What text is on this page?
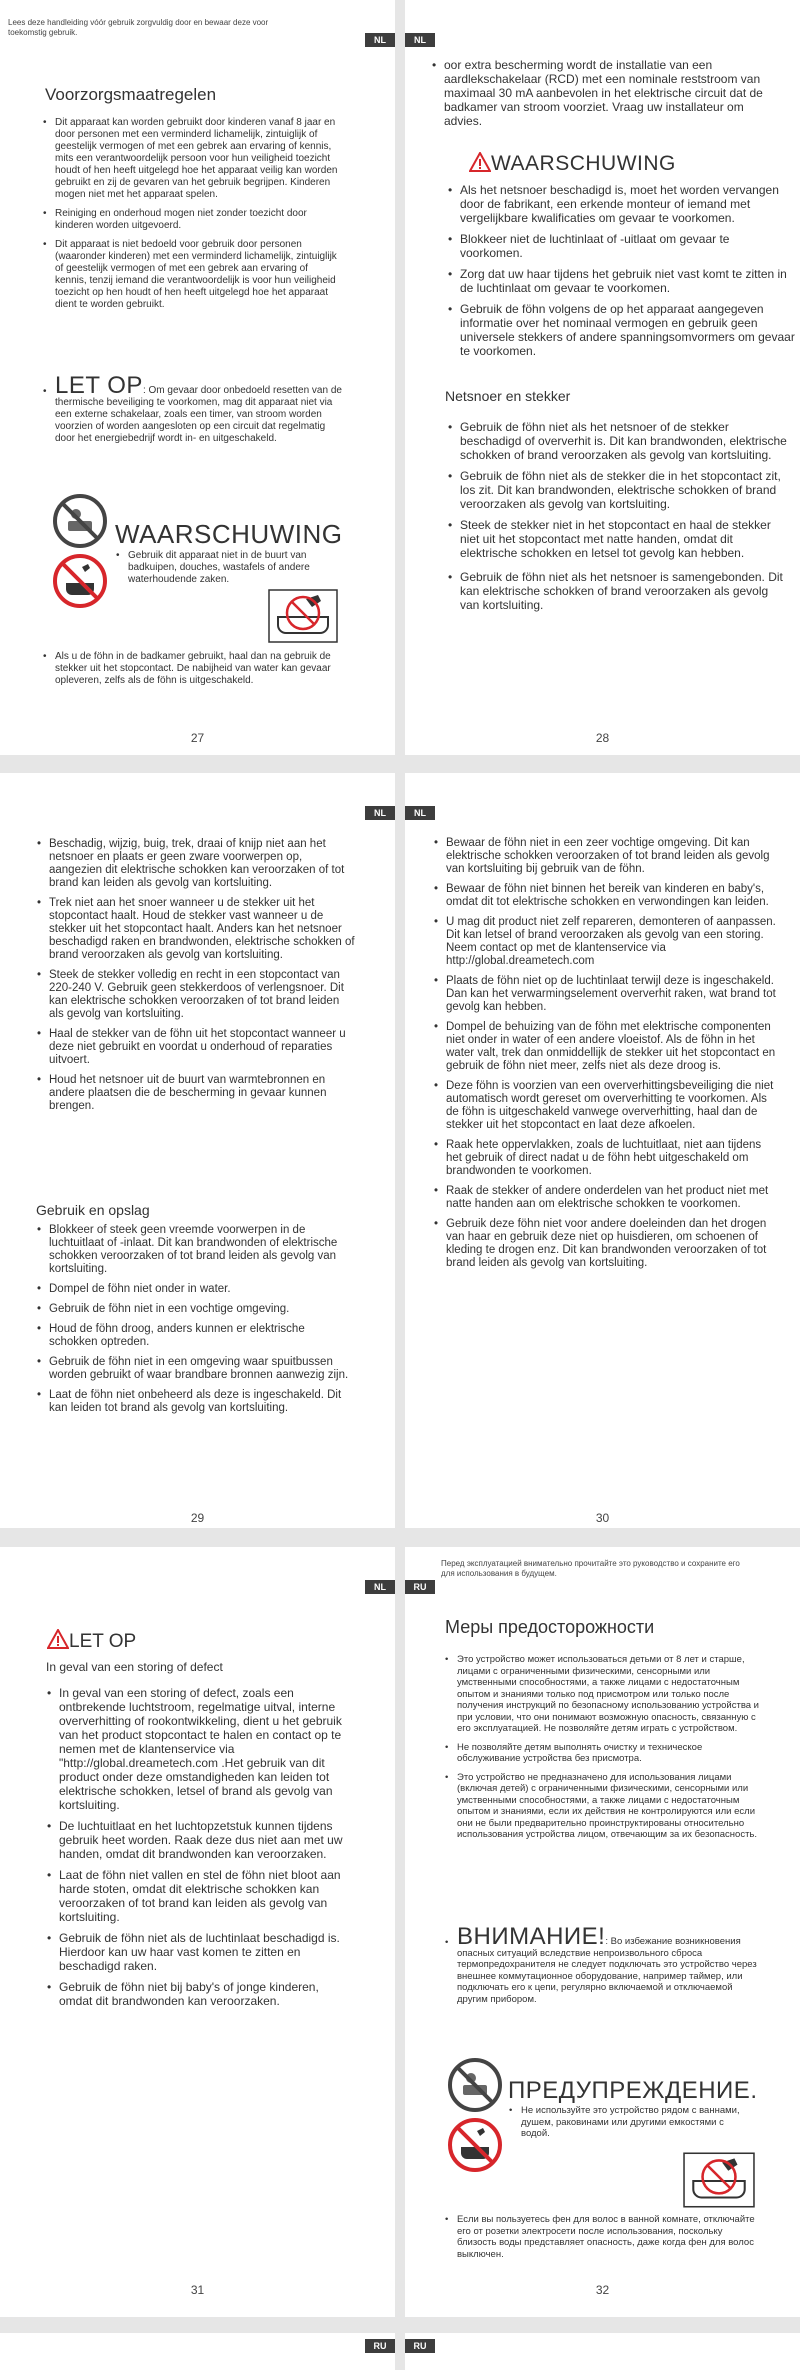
Lees deze handleiding vóór gebruik zorgvuldig door en bewaar deze voor toekomstig gebruik.
NL
Voorzorgsmaatregelen
• Dit apparaat kan worden gebruikt door kinderen vanaf 8 jaar en door personen met een verminderd lichamelijk, zintuiglijk of geestelijk vermogen of met een gebrek aan ervaring of kennis, mits een verantwoordelijk persoon voor hun veiligheid toezicht houdt of hen heeft uitgelegd hoe het apparaat veilig kan worden gebruikt en zij de gevaren van het gebruik begrijpen. Kinderen mogen niet met het apparaat spelen.
• Reiniging en onderhoud mogen niet zonder toezicht door kinderen worden uitgevoerd.
• Dit apparaat is niet bedoeld voor gebruik door personen (waaronder kinderen) met een verminderd lichamelijk, zintuiglijk of geestelijk vermogen of met een gebrek aan ervaring of kennis, tenzij iemand die verantwoordelijk is voor hun veiligheid toezicht op hen houdt of hen heeft uitgelegd hoe het apparaat dient te worden gebruikt.
• LET OP: Om gevaar door onbedoeld resetten van de thermische beveiliging te voorkomen, mag dit apparaat niet via een externe schakelaar, zoals een timer, van stroom worden voorzien of worden aangesloten op een circuit dat regelmatig door het energiebedrijf wordt in- en uitgeschakeld.
WAARSCHUWING
• Gebruik dit apparaat niet in de buurt van badkuipen, douches, wastafels of andere waterhoudende zaken.
• Als u de föhn in de badkamer gebruikt, haal dan na gebruik de stekker uit het stopcontact. De nabijheid van water kan gevaar opleveren, zelfs als de föhn is uitgeschakeld.
27
NL
• oor extra bescherming wordt de installatie van een aardlekschakelaar (RCD) met een nominale reststroom van maximaal 30 mA aanbevolen in het elektrische circuit dat de badkamer van stroom voorziet. Vraag uw installateur om advies.
WAARSCHUWING
• Als het netsnoer beschadigd is, moet het worden vervangen door de fabrikant, een erkende monteur of iemand met vergelijkbare kwalificaties om gevaar te voorkomen.
• Blokkeer niet de luchtinlaat of -uitlaat om gevaar te voorkomen.
• Zorg dat uw haar tijdens het gebruik niet vast komt te zitten in de luchtinlaat om gevaar te voorkomen.
• Gebruik de föhn volgens de op het apparaat aangegeven informatie over het nominaal vermogen en gebruik geen universele stekkers of andere spanningsomvormers om gevaar te voorkomen.
Netsnoer en stekker
• Gebruik de föhn niet als het netsnoer of de stekker beschadigd of oververhit is. Dit kan brandwonden, elektrische schokken of brand veroorzaken als gevolg van kortsluiting.
• Gebruik de föhn niet als de stekker die in het stopcontact zit, los zit. Dit kan brandwonden, elektrische schokken of brand veroorzaken als gevolg van kortsluiting.
• Steek de stekker niet in het stopcontact en haal de stekker niet uit het stopcontact met natte handen, omdat dit elektrische schokken en letsel tot gevolg kan hebben.
• Gebruik de föhn niet als het netsnoer is samengebonden. Dit kan elektrische schokken of brand veroorzaken als gevolg van kortsluiting.
28
NL
• Beschadig, wijzig, buig, trek, draai of knijp niet aan het netsnoer en plaats er geen zware voorwerpen op, aangezien dit elektrische schokken kan veroorzaken of tot brand kan leiden als gevolg van kortsluiting.
• Trek niet aan het snoer wanneer u de stekker uit het stopcontact haalt. Houd de stekker vast wanneer u de stekker uit het stopcontact haalt. Anders kan het netsnoer beschadigd raken en brandwonden, elektrische schokken of brand veroorzaken als gevolg van kortsluiting.
• Steek de stekker volledig en recht in een stopcontact van 220-240 V. Gebruik geen stekkerdoos of verlengsnoer. Dit kan elektrische schokken veroorzaken of tot brand leiden als gevolg van kortsluiting.
• Haal de stekker van de föhn uit het stopcontact wanneer u deze niet gebruikt en voordat u onderhoud of reparaties uitvoert.
• Houd het netsnoer uit de buurt van warmtebronnen en andere plaatsen die de bescherming in gevaar kunnen brengen.
Gebruik en opslag
• Blokkeer of steek geen vreemde voorwerpen in de luchtuitlaat of -inlaat. Dit kan brandwonden of elektrische schokken veroorzaken of tot brand leiden als gevolg van kortsluiting.
• Dompel de föhn niet onder in water.
• Gebruik de föhn niet in een vochtige omgeving.
• Houd de föhn droog, anders kunnen er elektrische schokken optreden.
• Gebruik de föhn niet in een omgeving waar spuitbussen worden gebruikt of waar brandbare bronnen aanwezig zijn.
• Laat de föhn niet onbeheerd als deze is ingeschakeld. Dit kan leiden tot brand als gevolg van kortsluiting.
29
NL
• Bewaar de föhn niet in een zeer vochtige omgeving. Dit kan elektrische schokken veroorzaken of tot brand leiden als gevolg van kortsluiting bij gebruik van de föhn.
• Bewaar de föhn niet binnen het bereik van kinderen en baby's, omdat dit tot elektrische schokken en verwondingen kan leiden.
• U mag dit product niet zelf repareren, demonteren of aanpassen. Dit kan letsel of brand veroorzaken als gevolg van een storing. Neem contact op met de klantenservice via http://global.dreametech.com
• Plaats de föhn niet op de luchtinlaat terwijl deze is ingeschakeld. Dan kan het verwarmingselement oververhit raken, wat brand tot gevolg kan hebben.
• Dompel de behuizing van de föhn met elektrische componenten niet onder in water of een andere vloeistof. Als de föhn in het water valt, trek dan onmiddellijk de stekker uit het stopcontact en gebruik de föhn niet meer, zelfs niet als deze droog is.
• Deze föhn is voorzien van een oververhittingsbeveiliging die niet automatisch wordt gereset om oververhitting te voorkomen. Als de föhn is uitgeschakeld vanwege oververhitting, haal dan de stekker uit het stopcontact en laat deze afkoelen.
• Raak hete oppervlakken, zoals de luchtuitlaat, niet aan tijdens het gebruik of direct nadat u de föhn hebt uitgeschakeld om brandwonden te voorkomen.
• Raak de stekker of andere onderdelen van het product niet met natte handen aan om elektrische schokken te voorkomen.
• Gebruik deze föhn niet voor andere doeleinden dan het drogen van haar en gebruik deze niet op huisdieren, om schoenen of kleding te drogen enz. Dit kan brandwonden veroorzaken of tot brand leiden als gevolg van kortsluiting.
30
NL
LET OP
In geval van een storing of defect
• In geval van een storing of defect, zoals een ontbrekende luchtstroom, regelmatige uitval, interne oververhitting of rookontwikkeling, dient u het gebruik van het product stopcontact te halen en contact op te nemen met de klantenservice via "http://global.dreametech.com .Het gebruik van dit product onder deze omstandigheden kan leiden tot elektrische schokken, letsel of brand als gevolg van kortsluiting.
• De luchtuitlaat en het luchtopzetstuk kunnen tijdens gebruik heet worden. Raak deze dus niet aan met uw handen, omdat dit brandwonden kan veroorzaken.
• Laat de föhn niet vallen en stel de föhn niet bloot aan harde stoten, omdat dit elektrische schokken kan veroorzaken of tot brand kan leiden als gevolg van kortsluiting.
• Gebruik de föhn niet als de luchtinlaat beschadigd is. Hierdoor kan uw haar vast komen te zitten en beschadigd raken.
• Gebruik de föhn niet bij baby's of jonge kinderen, omdat dit brandwonden kan veroorzaken.
31
Перед эксплуатацией внимательно прочитайте это руководство и сохраните его для использования в будущем.
RU
Меры предосторожности
• Это устройство может использоваться детьми от 8 лет и старше, лицами с ограниченными физическими, сенсорными или умственными способностями, а также лицами с недостаточным опытом и знаниями только под присмотром или только после получения инструкций по безопасному использованию устройства и при условии, что они понимают возможную опасность, связанную с его эксплуатацией. Не позволяйте детям играть с устройством.
• Не позволяйте детям выполнять очистку и техническое обслуживание устройства без присмотра.
• Это устройство не предназначено для использования лицами (включая детей) с ограниченными физическими, сенсорными или умственными способностями, а также лицами с недостаточным опытом и знаниями, если их действия не контролируются или если они не были предварительно проинструктированы относительно использования устройства лицом, отвечающим за их безопасность.
• ВНИМАНИЕ!: Во избежание возникновения опасных ситуаций вследствие непроизвольного сброса термопредохранителя не следует подключать это устройство через внешнее коммутационное оборудование, например таймер, или подключать его к цепи, регулярно включаемой и отключаемой другим прибором.
ПРЕДУПРЕЖДЕНИЕ.
• Не используйте это устройство рядом с ваннами, душем, раковинами или другими емкостями с водой.
• Если вы пользуетесь фен для волос в ванной комнате, отключайте его от розетки электросети после использования, поскольку близость воды представляет опасность, даже когда фен для волос выключен.
32
RU	RU
